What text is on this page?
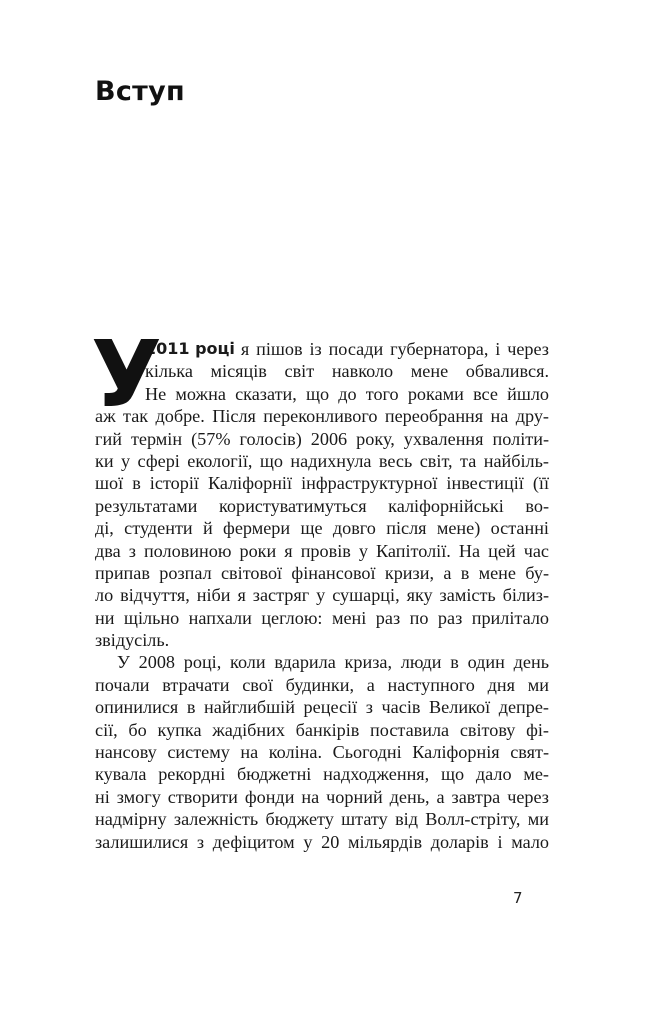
Вступ
У
2011 році я пішов із посади губернатора, і через
кілька місяців світ навколо мене обвалився.
Не можна сказати, що до того роками все йшло
аж так добре. Після переконливого переобрання на дру-
гий термін (57% голосів) 2006 року, ухвалення політи-
ки у сфері екології, що надихнула весь світ, та найбіль-
шої в історії Каліфорнії інфраструктурної інвестиції (її
результатами користуватимуться каліфорнійські во-
ді, студенти й фермери ще довго після мене) останні
два з половиною роки я провів у Капітолії. На цей час
припав розпал світової фінансової кризи, а в мене бу-
ло відчуття, ніби я застряг у сушарці, яку замість білиз-
ни щільно напхали цеглою: мені раз по раз прилітало
звідусіль.
У 2008 році, коли вдарила криза, люди в один день
почали втрачати свої будинки, а наступного дня ми
опинилися в найглибшій рецесії з часів Великої депре-
сії, бо купка жадібних банкірів поставила світову фі-
нансову систему на коліна. Сьогодні Каліфорнія свят-
кувала рекордні бюджетні надходження, що дало ме-
ні змогу створити фонди на чорний день, а завтра через
надмірну залежність бюджету штату від Волл-стріту, ми
залишилися з дефіцитом у 20 мільярдів доларів і мало
7
